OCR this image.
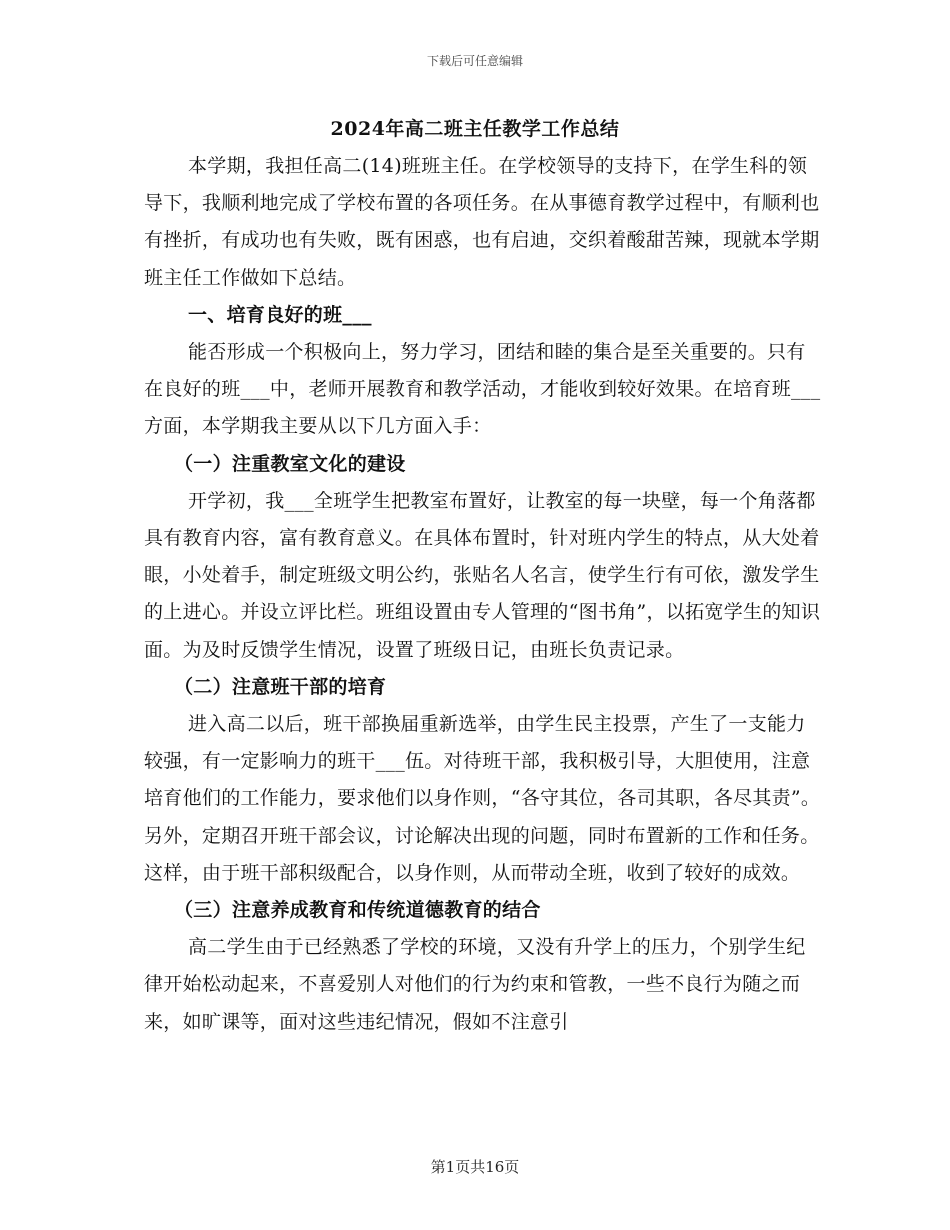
下载后可任意编辑
2024年高二班主任教学工作总结

本学期，我担任高二(14)班班主任。在学校领导的支持下，在学生科的领导下，我顺利地完成了学校布置的各项任务。在从事德育教学过程中，有顺利也有挫折，有成功也有失败，既有困惑，也有启迪，交织着酸甜苦辣，现就本学期班主任工作做如下总结。

一、培育良好的班___

能否形成一个积极向上，努力学习，团结和睦的集合是至关重要的。只有在良好的班___中，老师开展教育和教学活动，才能收到较好效果。在培育班___方面，本学期我主要从以下几方面入手：

（一）注重教室文化的建设

开学初，我___全班学生把教室布置好，让教室的每一块壁，每一个角落都具有教育内容，富有教育意义。在具体布置时，针对班内学生的特点，从大处着眼，小处着手，制定班级文明公约，张贴名人名言，使学生行有可依，激发学生的上进心。并设立评比栏。班组设置由专人管理的“图书角”，以拓宽学生的知识面。为及时反馈学生情况，设置了班级日记，由班长负责记录。

（二）注意班干部的培育

进入高二以后，班干部换届重新选举，由学生民主投票，产生了一支能力较强，有一定影响力的班干___伍。对待班干部，我积极引导，大胆使用，注意培育他们的工作能力，要求他们以身作则，“各守其位，各司其职，各尽其责”。另外，定期召开班干部会议，讨论解决出现的问题，同时布置新的工作和任务。这样，由于班干部积级配合，以身作则，从而带动全班，收到了较好的成效。

（三）注意养成教育和传统道德教育的结合

高二学生由于已经熟悉了学校的环境，又没有升学上的压力，个别学生纪律开始松动起来，不喜爱别人对他们的行为约束和管教，一些不良行为随之而来，如旷课等，面对这些违纪情况，假如不注意引

第1页共16页
